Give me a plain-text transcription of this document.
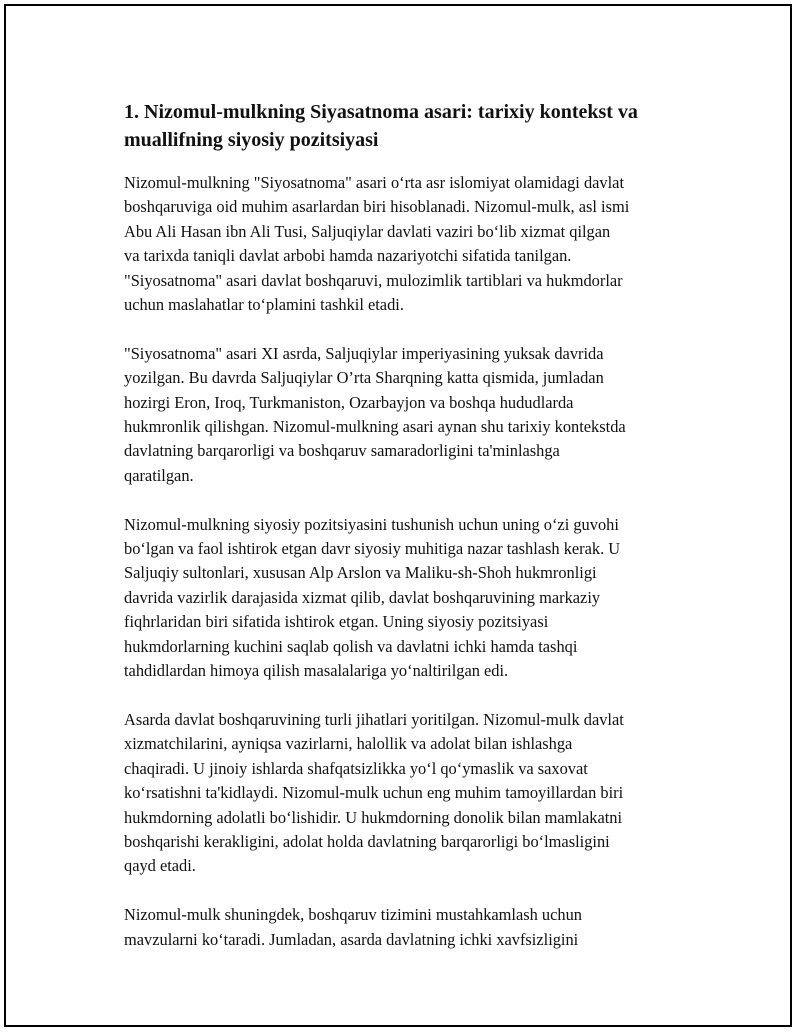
1. Nizomul-mulkning Siyasatnoma asari: tarixiy kontekst va
muallifning siyosiy pozitsiyasi

Nizomul-mulkning "Siyosatnoma" asari o‘rta asr islomiyat olamidagi davlat
boshqaruviga oid muhim asarlardan biri hisoblanadi. Nizomul-mulk, asl ismi
Abu Ali Hasan ibn Ali Tusi, Saljuqiylar davlati vaziri bo‘lib xizmat qilgan
va tarixda taniqli davlat arbobi hamda nazariyotchi sifatida tanilgan.
"Siyosatnoma" asari davlat boshqaruvi, mulozimlik tartiblari va hukmdorlar
uchun maslahatlar to‘plamini tashkil etadi.

"Siyosatnoma" asari XI asrda, Saljuqiylar imperiyasining yuksak davrida
yozilgan. Bu davrda Saljuqiylar O’rta Sharqning katta qismida, jumladan
hozirgi Eron, Iroq, Turkmaniston, Ozarbayjon va boshqa hududlarda
hukmronlik qilishgan. Nizomul-mulkning asari aynan shu tarixiy kontekstda
davlatning barqarorligi va boshqaruv samaradorligini ta'minlashga
qaratilgan.

Nizomul-mulkning siyosiy pozitsiyasini tushunish uchun uning o‘zi guvohi
bo‘lgan va faol ishtirok etgan davr siyosiy muhitiga nazar tashlash kerak. U
Saljuqiy sultonlari, xususan Alp Arslon va Maliku-sh-Shoh hukmronligi
davrida vazirlik darajasida xizmat qilib, davlat boshqaruvining markaziy
fiqhrlaridan biri sifatida ishtirok etgan. Uning siyosiy pozitsiyasi
hukmdorlarning kuchini saqlab qolish va davlatni ichki hamda tashqi
tahdidlardan himoya qilish masalalariga yo‘naltirilgan edi.

Asarda davlat boshqaruvining turli jihatlari yoritilgan. Nizomul-mulk davlat
xizmatchilarini, ayniqsa vazirlarni, halollik va adolat bilan ishlashga
chaqiradi. U jinoiy ishlarda shafqatsizlikka yo‘l qo‘ymaslik va saxovat
ko‘rsatishni ta'kidlaydi. Nizomul-mulk uchun eng muhim tamoyillardan biri
hukmdorning adolatli bo‘lishidir. U hukmdorning donolik bilan mamlakatni
boshqarishi kerakligini, adolat holda davlatning barqarorligi bo‘lmasligini
qayd etadi.

Nizomul-mulk shuningdek, boshqaruv tizimini mustahkamlash uchun
mavzularni ko‘taradi. Jumladan, asarda davlatning ichki xavfsizligini
